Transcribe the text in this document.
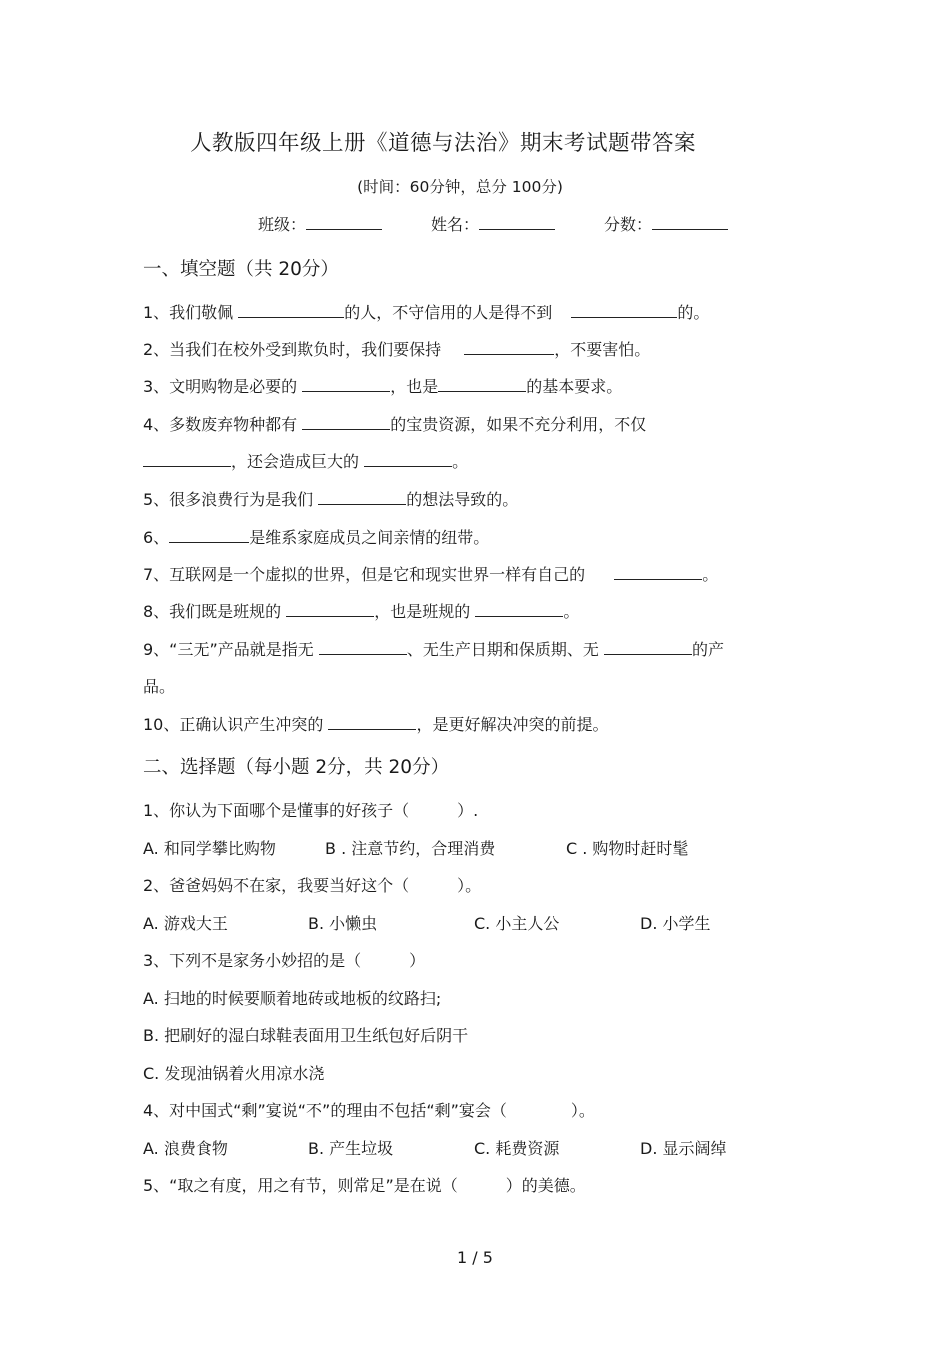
人教版四年级上册《道德与法治》期末考试题带答案
(时间：60分钟，总分 100分)
班级：	姓名：	分数：
一、填空题（共 20分）
1、我们敬佩	的人，不守信用的人是得不到	的。
2、当我们在校外受到欺负时，我们要保持	，不要害怕。
3、文明购物是必要的	，也是	的基本要求。
4、多数废弃物种都有	的宝贵资源，如果不充分利用，不仅
，还会造成巨大的	。
5、很多浪费行为是我们	的想法导致的。
6、	是维系家庭成员之间亲情的纽带。
7、互联网是一个虚拟的世界，但是它和现实世界一样有自己的	。
8、我们既是班规的	，也是班规的	。
9、“三无”产品就是指无	、无生产日期和保质期、无	的产
品。
10、正确认识产生冲突的	，是更好解决冲突的前提。
二、选择题（每小题 2分，共 20分）
1、你认为下面哪个是懂事的好孩子（　　　）.
A. 和同学攀比购物	B . 注意节约，合理消费	C . 购物时赶时髦
2、爸爸妈妈不在家，我要当好这个（　　　）。
A. 游戏大王	B. 小懒虫	C. 小主人公	D. 小学生
3、下列不是家务小妙招的是（　　　）
A. 扫地的时候要顺着地砖或地板的纹路扫;
B. 把刷好的湿白球鞋表面用卫生纸包好后阴干
C. 发现油锅着火用凉水浇
4、对中国式“剩”宴说“不”的理由不包括“剩”宴会（　　　　）。
A. 浪费食物	B. 产生垃圾	C. 耗费资源	D. 显示阔绰
5、“取之有度，用之有节，则常足”是在说（　　　）的美德。
1 / 5
